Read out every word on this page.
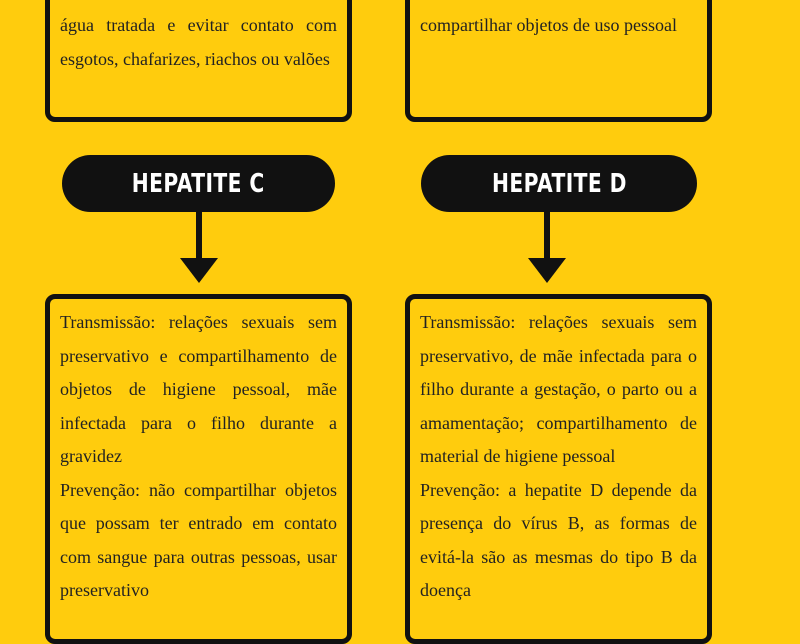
água tratada e evitar contato com esgotos, chafarizes, riachos ou valões

compartilhar objetos de uso pessoal

HEPATITE C	HEPATITE D

Transmissão: relações sexuais sem preservativo e compartilhamento de objetos de higiene pessoal, mãe infectada para o filho durante a gravidez

Prevenção: não compartilhar objetos que possam ter entrado em contato com sangue para outras pessoas, usar preservativo

Transmissão: relações sexuais sem preservativo, de mãe infectada para o filho durante a gestação, o parto ou a amamentação; compartilhamento de material de higiene pessoal

Prevenção: a hepatite D depende da presença do vírus B, as formas de evitá-la são as mesmas do tipo B da doença
